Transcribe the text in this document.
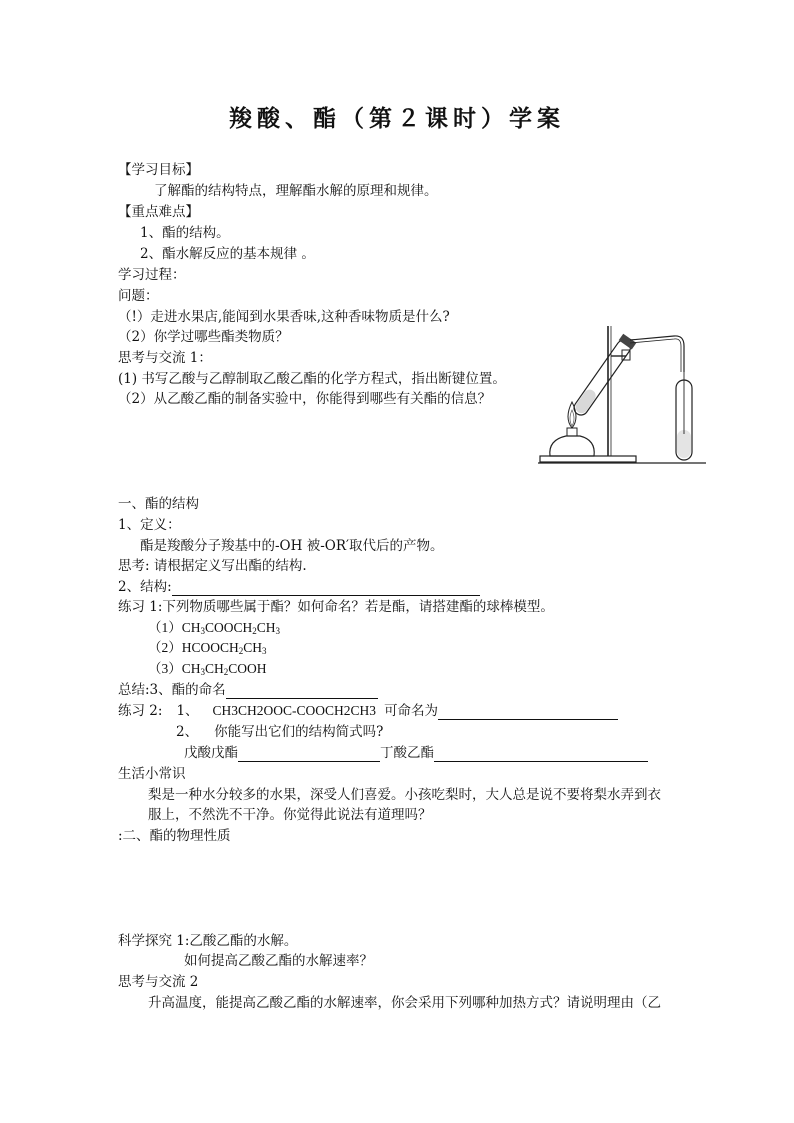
羧酸、酯（第２课时）学案
【学习目标】
了解酯的结构特点，理解酯水解的原理和规律。
【重点难点】
1、酯的结构。
2、酯水解反应的基本规律 。
学习过程：
问题：
（!）走进水果店,能闻到水果香味,这种香味物质是什么?
（2）你学过哪些酯类物质？
思考与交流 1：
(1) 书写乙酸与乙醇制取乙酸乙酯的化学方程式，指出断键位置。
（2）从乙酸乙酯的制备实验中，你能得到哪些有关酯的信息？
一、酯的结构
1、定义：
酯是羧酸分子羧基中的-OH 被-OR′取代后的产物。
思考: 请根据定义写出酯的结构.
2、结构:
练习 1:下列物质哪些属于酯？如何命名？若是酯，请搭建酯的球棒模型。
$(1)CH_3COOCH_2CH_3$
$(2)HCOOCH_2CH_3$
$(3)CH_3CH_2COOH$
总结:3、酯的命名
练习 2: 1、 CH3CH2OOC-COOCH2CH3 可命名为
2、 你能写出它们的结构简式吗?
戊酸戊酯	丁酸乙酯
生活小常识
梨是一种水分较多的水果，深受人们喜爱。小孩吃梨时，大人总是说不要将梨水弄到衣
服上，不然洗不干净。你觉得此说法有道理吗？
:二、酯的物理性质
科学探究 1:乙酸乙酯的水解。
如何提高乙酸乙酯的水解速率？
思考与交流 2
升高温度，能提高乙酸乙酯的水解速率，你会采用下列哪种加热方式？请说明理由（乙
